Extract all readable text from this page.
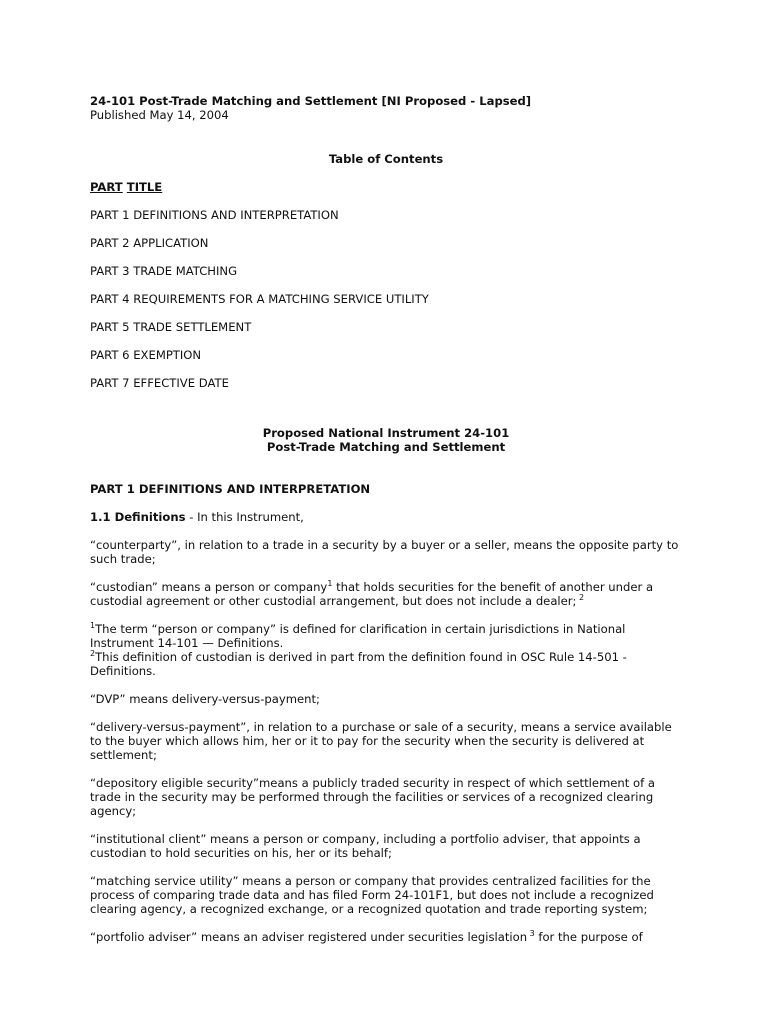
24-101 Post-Trade Matching and Settlement [NI Proposed - Lapsed]
Published May 14, 2004
Table of Contents
PART TITLE
PART 1 DEFINITIONS AND INTERPRETATION
PART 2 APPLICATION
PART 3 TRADE MATCHING
PART 4 REQUIREMENTS FOR A MATCHING SERVICE UTILITY
PART 5 TRADE SETTLEMENT
PART 6 EXEMPTION
PART 7 EFFECTIVE DATE
Proposed National Instrument 24-101
Post-Trade Matching and Settlement

PART 1 DEFINITIONS AND INTERPRETATION

1.1 Definitions - In this Instrument,

“counterparty”, in relation to a trade in a security by a buyer or a seller, means the opposite party to such trade;

“custodian” means a person or company$^1$ that holds securities for the benefit of another under a custodial agreement or other custodial arrangement, but does not include a dealer; $^2$

$^1$The term “person or company” is defined for clarification in certain jurisdictions in National Instrument 14-101 — Definitions.
$^2$This definition of custodian is derived in part from the definition found in OSC Rule 14-501 - Definitions.

“DVP” means delivery-versus-payment;

“delivery-versus-payment”, in relation to a purchase or sale of a security, means a service available to the buyer which allows him, her or it to pay for the security when the security is delivered at settlement;

“depository eligible security”means a publicly traded security in respect of which settlement of a trade in the security may be performed through the facilities or services of a recognized clearing agency;

“institutional client” means a person or company, including a portfolio adviser, that appoints a custodian to hold securities on his, her or its behalf;

“matching service utility” means a person or company that provides centralized facilities for the process of comparing trade data and has filed Form 24-101F1, but does not include a recognized clearing agency, a recognized exchange, or a recognized quotation and trade reporting system;

“portfolio adviser” means an adviser registered under securities legislation $^3$ for the purpose of
